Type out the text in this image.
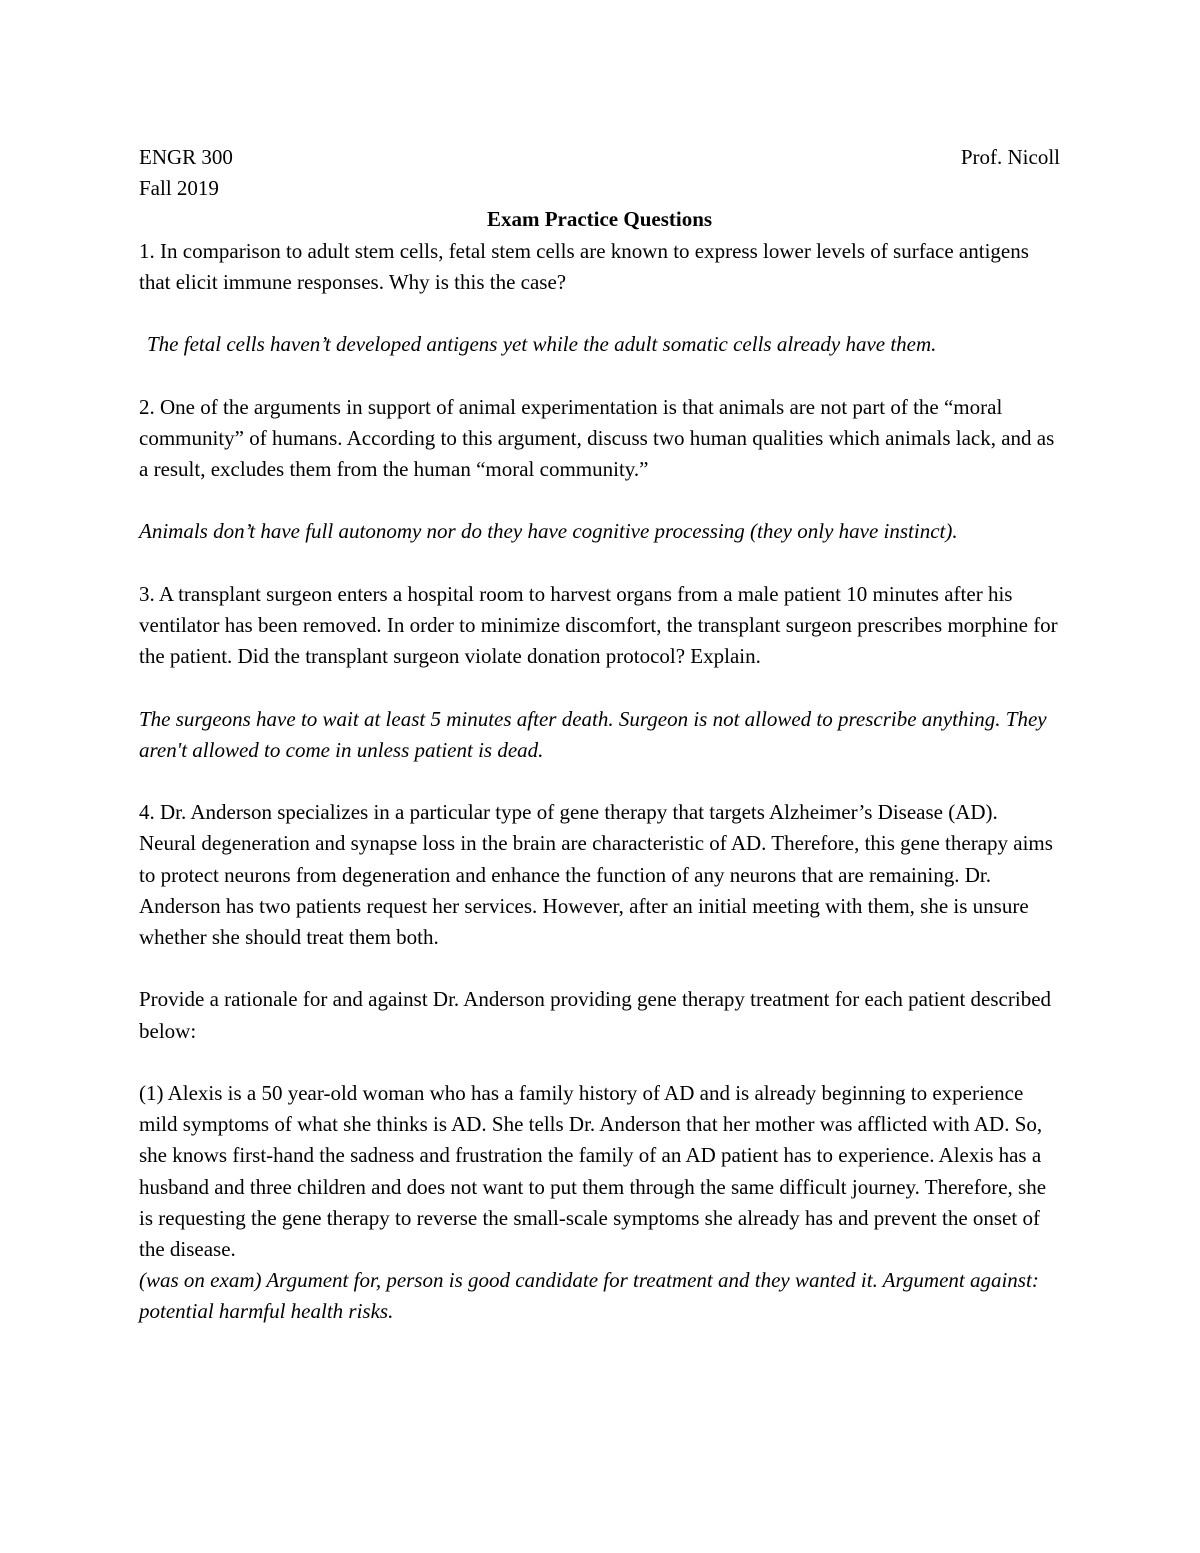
ENGR 300	Prof. Nicoll
Fall 2019
Exam Practice Questions

1. In comparison to adult stem cells, fetal stem cells are known to express lower levels of surface antigens that elicit immune responses. Why is this the case?

The fetal cells haven’t developed antigens yet while the adult somatic cells already have them.

2. One of the arguments in support of animal experimentation is that animals are not part of the “moral community” of humans. According to this argument, discuss two human qualities which animals lack, and as a result, excludes them from the human “moral community.”

Animals don’t have full autonomy nor do they have cognitive processing (they only have instinct).

3. A transplant surgeon enters a hospital room to harvest organs from a male patient 10 minutes after his ventilator has been removed. In order to minimize discomfort, the transplant surgeon prescribes morphine for the patient. Did the transplant surgeon violate donation protocol? Explain.

The surgeons have to wait at least 5 minutes after death. Surgeon is not allowed to prescribe anything. They aren't allowed to come in unless patient is dead.

4. Dr. Anderson specializes in a particular type of gene therapy that targets Alzheimer’s Disease (AD). Neural degeneration and synapse loss in the brain are characteristic of AD. Therefore, this gene therapy aims to protect neurons from degeneration and enhance the function of any neurons that are remaining. Dr. Anderson has two patients request her services. However, after an initial meeting with them, she is unsure whether she should treat them both.

Provide a rationale for and against Dr. Anderson providing gene therapy treatment for each patient described below:

(1) Alexis is a 50 year-old woman who has a family history of AD and is already beginning to experience mild symptoms of what she thinks is AD. She tells Dr. Anderson that her mother was afflicted with AD. So, she knows first-hand the sadness and frustration the family of an AD patient has to experience. Alexis has a husband and three children and does not want to put them through the same difficult journey. Therefore, she is requesting the gene therapy to reverse the small-scale symptoms she already has and prevent the onset of the disease.

(was on exam) Argument for, person is good candidate for treatment and they wanted it. Argument against: potential harmful health risks.
